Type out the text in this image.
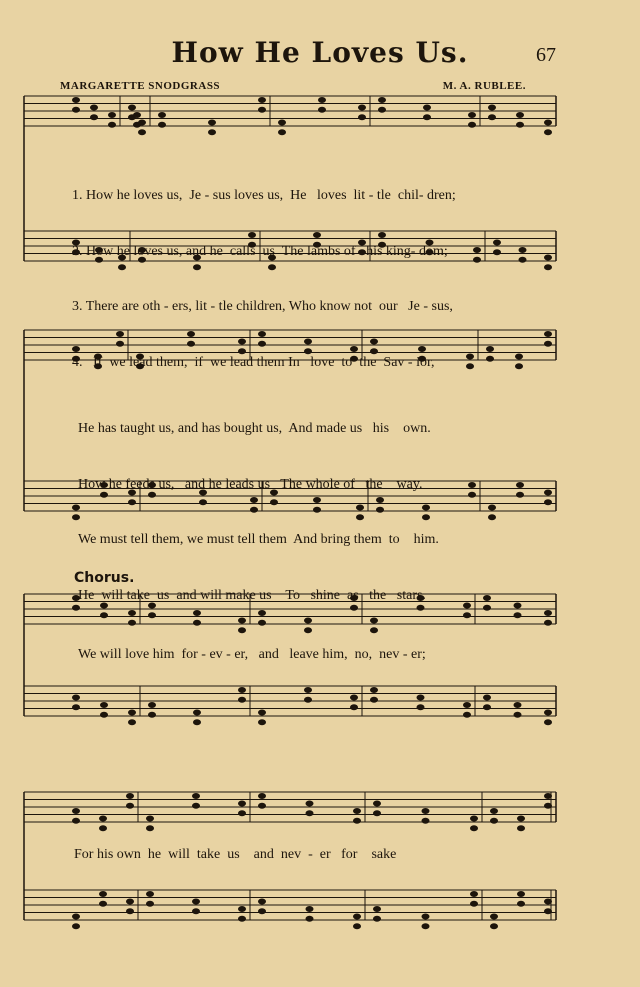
How He Loves Us.	67
MARGARETTE SNODGRASS	M. A. RUBLEE.

1. How he loves us,  Je - sus loves us,  He   loves  lit - tle  chil- dren;

2. How he loves us, and he  calls  us  The lambs of   his king- dom;

3. There are oth - ers, lit - tle children, Who know not  our   Je - sus,

4.   If  we lead them,  if  we lead them In   love  to  the  Sav - ior,

He has taught us, and has bought us,  And made us   his    own.

How he feeds us,   and he leads us   The whole of   the    way.

We must tell them, we must tell them  And bring them  to    him.

He  will take  us  and will make us    To   shine  as   the   stars.

Chorus.
We will love him  for - ev - er,   and   leave him,  no,  nev - er;
For his own  he  will  take  us    and  nev  -  er   for    sake
